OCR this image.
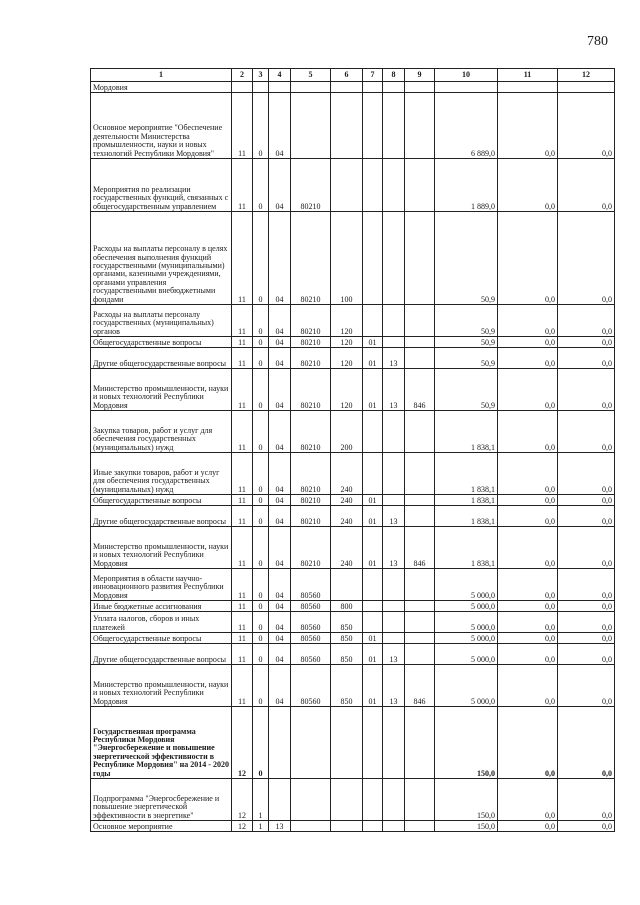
780
1	2	3	4	5	6	7	8	9	10	11	12
Мордовия											
Основное мероприятие "Обеспечение деятельности Министерства промышленности, науки и новых технологий Республики Мордовия"	11	0	04						6 889,0	0,0	0,0
Мероприятия по реализации государственных функций, связанных с общегосударственным управлением	11	0	04	80210					1 889,0	0,0	0,0
Расходы на выплаты персоналу в целях обеспечения выполнения функций государственными (муниципальными) органами, казенными учреждениями, органами управления государственными внебюджетными фондами	11	0	04	80210	100				50,9	0,0	0,0
Расходы на выплаты персоналу государственных (муниципальных) органов	11	0	04	80210	120				50,9	0,0	0,0
Общегосударственные вопросы	11	0	04	80210	120	01			50,9	0,0	0,0
Другие общегосударственные вопросы	11	0	04	80210	120	01	13		50,9	0,0	0,0
Министерство промышленности, науки и новых технологий Республики Мордовия	11	0	04	80210	120	01	13	846	50,9	0,0	0,0
Закупка товаров, работ и услуг для обеспечения государственных (муниципальных) нужд	11	0	04	80210	200				1 838,1	0,0	0,0
Иные закупки товаров, работ и услуг для обеспечения государственных (муниципальных) нужд	11	0	04	80210	240				1 838,1	0,0	0,0
Общегосударственные вопросы	11	0	04	80210	240	01			1 838,1	0,0	0,0
Другие общегосударственные вопросы	11	0	04	80210	240	01	13		1 838,1	0,0	0,0
Министерство промышленности, науки и новых технологий Республики Мордовия	11	0	04	80210	240	01	13	846	1 838,1	0,0	0,0
Мероприятия в области научно-инновационного развития Республики Мордовия	11	0	04	80560					5 000,0	0,0	0,0
Иные бюджетные ассигнования	11	0	04	80560	800				5 000,0	0,0	0,0
Уплата налогов, сборов и иных платежей	11	0	04	80560	850				5 000,0	0,0	0,0
Общегосударственные вопросы	11	0	04	80560	850	01			5 000,0	0,0	0,0
Другие общегосударственные вопросы	11	0	04	80560	850	01	13		5 000,0	0,0	0,0
Министерство промышленности, науки и новых технологий Республики Мордовия	11	0	04	80560	850	01	13	846	5 000,0	0,0	0,0
Государственная программа Республики Мордовия "Энергосбережение и повышение энергетической эффективности в Республике Мордовия" на 2014 - 2020 годы	12	0							150,0	0,0	0,0
Подпрограмма "Энергосбережение и повышение энергетической эффективности в энергетике"	12	1							150,0	0,0	0,0
Основное мероприятие	12	1	13						150,0	0,0	0,0
